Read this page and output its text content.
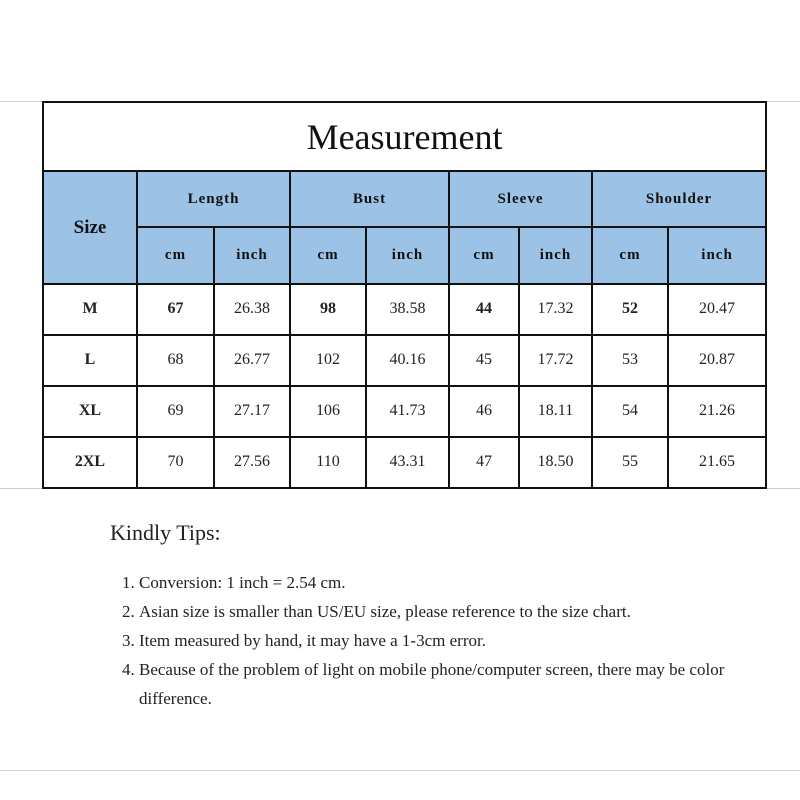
Measurement								
Size	Length		Bust		Sleeve		Shoulder	
	cm	inch	cm	inch	cm	inch	cm	inch
M	67	26.38	98	38.58	44	17.32	52	20.47
L	68	26.77	102	40.16	45	17.72	53	20.87
XL	69	27.17	106	41.73	46	18.11	54	21.26
2XL	70	27.56	110	43.31	47	18.50	55	21.65
Kindly Tips:
1. Conversion: 1 inch = 2.54 cm.
2. Asian size is smaller than US/EU size, please reference to the size chart.
3. Item measured by hand, it may have a 1-3cm error.
4. Because of the problem of light on mobile phone/computer screen, there may be color difference.
